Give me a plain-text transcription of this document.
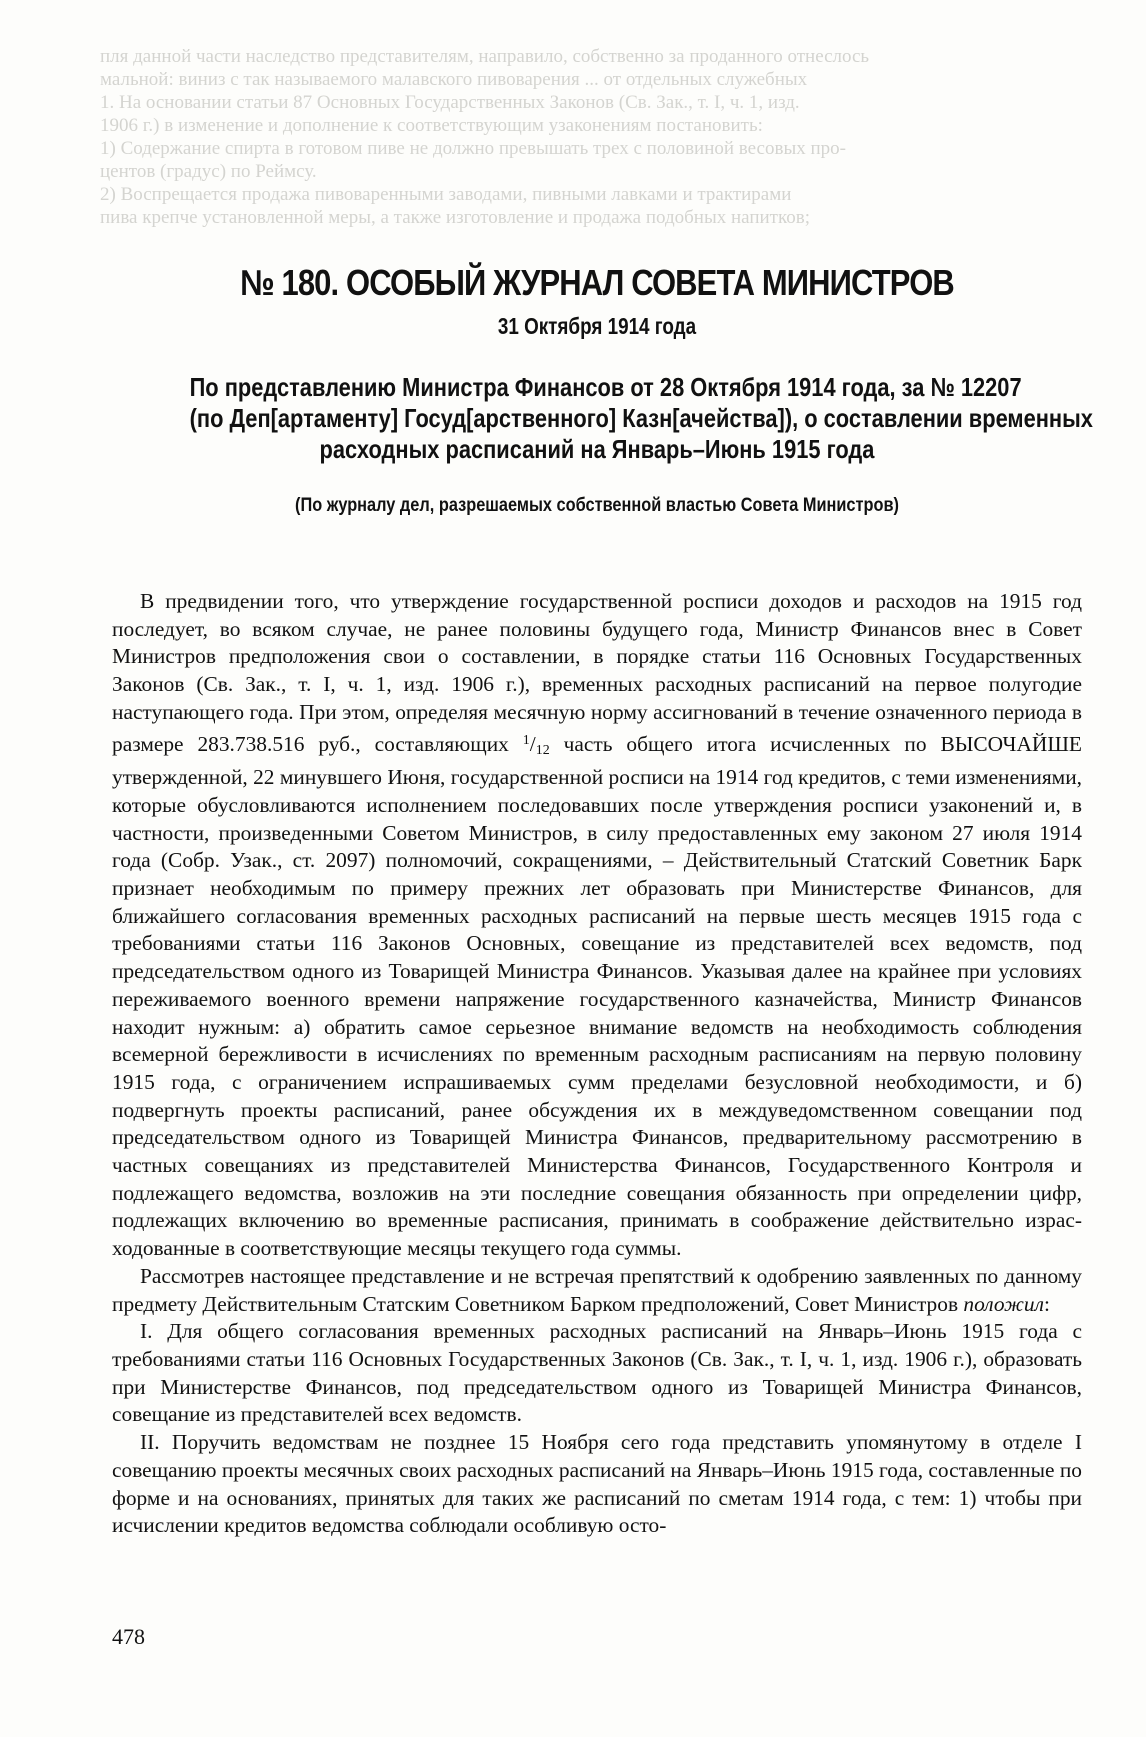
пля данной части наследство представителям, направило, собственно за проданного отнеслось

мальной: виниз с так называемого малавского пивоварения ... от отдельных служебных

1. На основании статьи 87 Основных Государственных Законов (Св. Зак., т. I, ч. 1, изд.

1906 г.) в изменение и дополнение к соответствующим узаконениям постановить:

1) Содержание спирта в готовом пиве не должно превышать трех с половиной весовых про-

центов (градус) по Реймсу.

2) Воспрещается продажа пивоваренными заводами, пивными лавками и трактирами

пива крепче установленной меры, а также изготовление и продажа подобных напитков;

№ 180. ОСОБЫЙ ЖУРНАЛ СОВЕТА МИНИСТРОВ
31 Октября 1914 года
По представлению Министра Финансов от 28 Октября 1914 года, за № 12207
(по Деп[артаменту] Госуд[арственного] Казн[ачейства]), о составлении временных
расходных расписаний на Январь–Июнь 1915 года
(По журналу дел, разрешаемых собственной властью Совета Министров)

В предвидении того, что утверждение государственной росписи доходов и расходов на 1915 год последует, во всяком случае, не ранее половины будущего года, Министр Финансов внес в Совет Министров предположения свои о составлении, в порядке статьи 116 Основных Государственных Законов (Св. Зак., т. I, ч. 1, изд. 1906 г.), временных расходных расписаний на первое полугодие наступающего года. При этом, определяя месячную норму ассигнований в течение означенного периода в размере 283.738.516 руб., составляющих $^1/_{12}$ часть общего итога исчисленных по ВЫСОЧАЙШЕ утвержденной, 22 минувшего Июня, государственной росписи на 1914 год кредитов, с теми изменениями, которые обусловливаются исполнением последовавших после утверждения росписи узаконений и, в частности, произведенными Советом Министров, в силу предоставленных ему законом 27 июля 1914 года (Собр. Узак., ст. 2097) полномочий, сокращениями, – Действительный Статский Советник Барк признает необходимым по примеру прежних лет образовать при Министерстве Финансов, для ближайшего согласования временных расходных расписаний на первые шесть месяцев 1915 года с требованиями статьи 116 Законов Основных, совещание из представителей всех ведомств, под председательством одного из Товарищей Министра Финансов. Указывая далее на крайнее при условиях переживаемого военного времени напряжение государственного казначейства, Министр Финансов находит нужным: а) обратить самое серьезное внимание ведомств на необходимость соблюдения всемерной бережливости в исчислениях по временным расходным расписаниям на первую половину 1915 года, с ограничением испрашиваемых сумм пределами безусловной необходимости, и б) подвергнуть проекты расписаний, ранее обсуждения их в междуведомственном совещании под председательством одного из Товарищей Министра Финансов, предварительному рассмотрению в частных совещаниях из представителей Министерства Финансов, Государственного Контроля и подлежащего ведомства, возложив на эти последние совещания обязанность при определении цифр, подлежащих включению во временные расписания, принимать в соображение действительно израсходованные в соответствующие месяцы текущего года суммы.

Рассмотрев настоящее представление и не встречая препятствий к одобрению заявленных по данному предмету Действительным Статским Советником Барком предположений, Совет Министров положил:

I. Для общего согласования временных расходных расписаний на Январь–Июнь 1915 года с требованиями статьи 116 Основных Государственных Законов (Св. Зак., т. I, ч. 1, изд. 1906 г.), образовать при Министерстве Финансов, под председательством одного из Товарищей Министра Финансов, совещание из представителей всех ведомств.

II. Поручить ведомствам не позднее 15 Ноября сего года представить упомянутому в отделе I совещанию проекты месячных своих расходных расписаний на Январь–Июнь 1915 года, составленные по форме и на основаниях, принятых для таких же расписаний по сметам 1914 года, с тем: 1) чтобы при исчислении кредитов ведомства соблюдали особливую осто-

478
